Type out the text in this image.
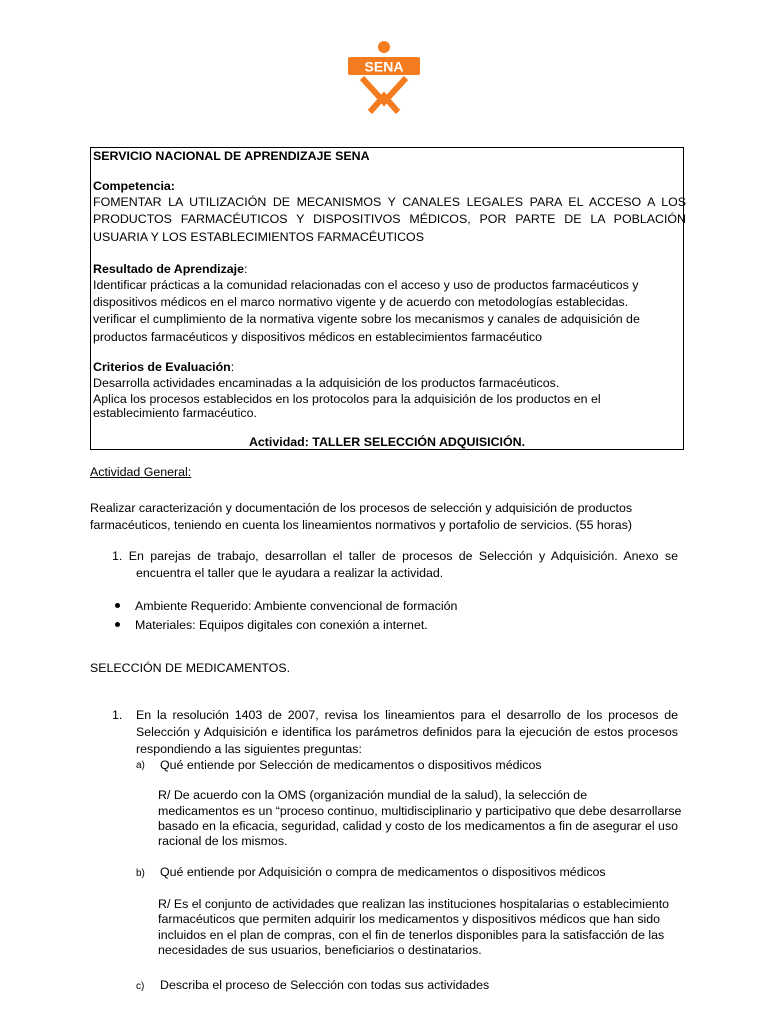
SENA
SERVICIO NACIONAL DE APRENDIZAJE SENA
Competencia:
FOMENTAR LA UTILIZACIÓN DE MECANISMOS Y CANALES LEGALES PARA EL ACCESO A LOS
PRODUCTOS FARMACÉUTICOS Y DISPOSITIVOS MÉDICOS, POR PARTE DE LA POBLACIÓN
USUARIA Y LOS ESTABLECIMIENTOS FARMACÉUTICOS
Resultado de Aprendizaje:
Identificar prácticas a la comunidad relacionadas con el acceso y uso de productos farmacéuticos y
dispositivos médicos en el marco normativo vigente y de acuerdo con metodologías establecidas.
verificar el cumplimiento de la normativa vigente sobre los mecanismos y canales de adquisición de
productos farmacéuticos y dispositivos médicos en establecimientos farmacéutico
Criterios de Evaluación:
Desarrolla actividades encaminadas a la adquisición de los productos farmacéuticos.
Aplica los procesos establecidos en los protocolos para la adquisición de los productos en el
establecimiento farmacéutico.
Actividad: TALLER SELECCIÓN ADQUISICIÓN.
Actividad General:
Realizar caracterización y documentación de los procesos de selección y adquisición de productos
farmacéuticos, teniendo en cuenta los lineamientos normativos y portafolio de servicios. (55 horas)
1. En parejas de trabajo, desarrollan el taller de procesos de Selección y Adquisición. Anexo se
encuentra el taller que le ayudara a realizar la actividad.
Ambiente Requerido: Ambiente convencional de formación
Materiales: Equipos digitales con conexión a internet.
SELECCIÓN DE MEDICAMENTOS.
1. En la resolución 1403 de 2007, revisa los lineamientos para el desarrollo de los procesos de
Selección y Adquisición e identifica los parámetros definidos para la ejecución de estos procesos
respondiendo a las siguientes preguntas:
a) Qué entiende por Selección de medicamentos o dispositivos médicos
R/ De acuerdo con la OMS (organización mundial de la salud), la selección de
medicamentos es un “proceso continuo, multidisciplinario y participativo que debe desarrollarse
basado en la eficacia, seguridad, calidad y costo de los medicamentos a fin de asegurar el uso
racional de los mismos.
b) Qué entiende por Adquisición o compra de medicamentos o dispositivos médicos
R/ Es el conjunto de actividades que realizan las instituciones hospitalarias o establecimiento
farmacéuticos que permiten adquirir los medicamentos y dispositivos médicos que han sido
incluidos en el plan de compras, con el fin de tenerlos disponibles para la satisfacción de las
necesidades de sus usuarios, beneficiarios o destinatarios.
c) Describa el proceso de Selección con todas sus actividades
